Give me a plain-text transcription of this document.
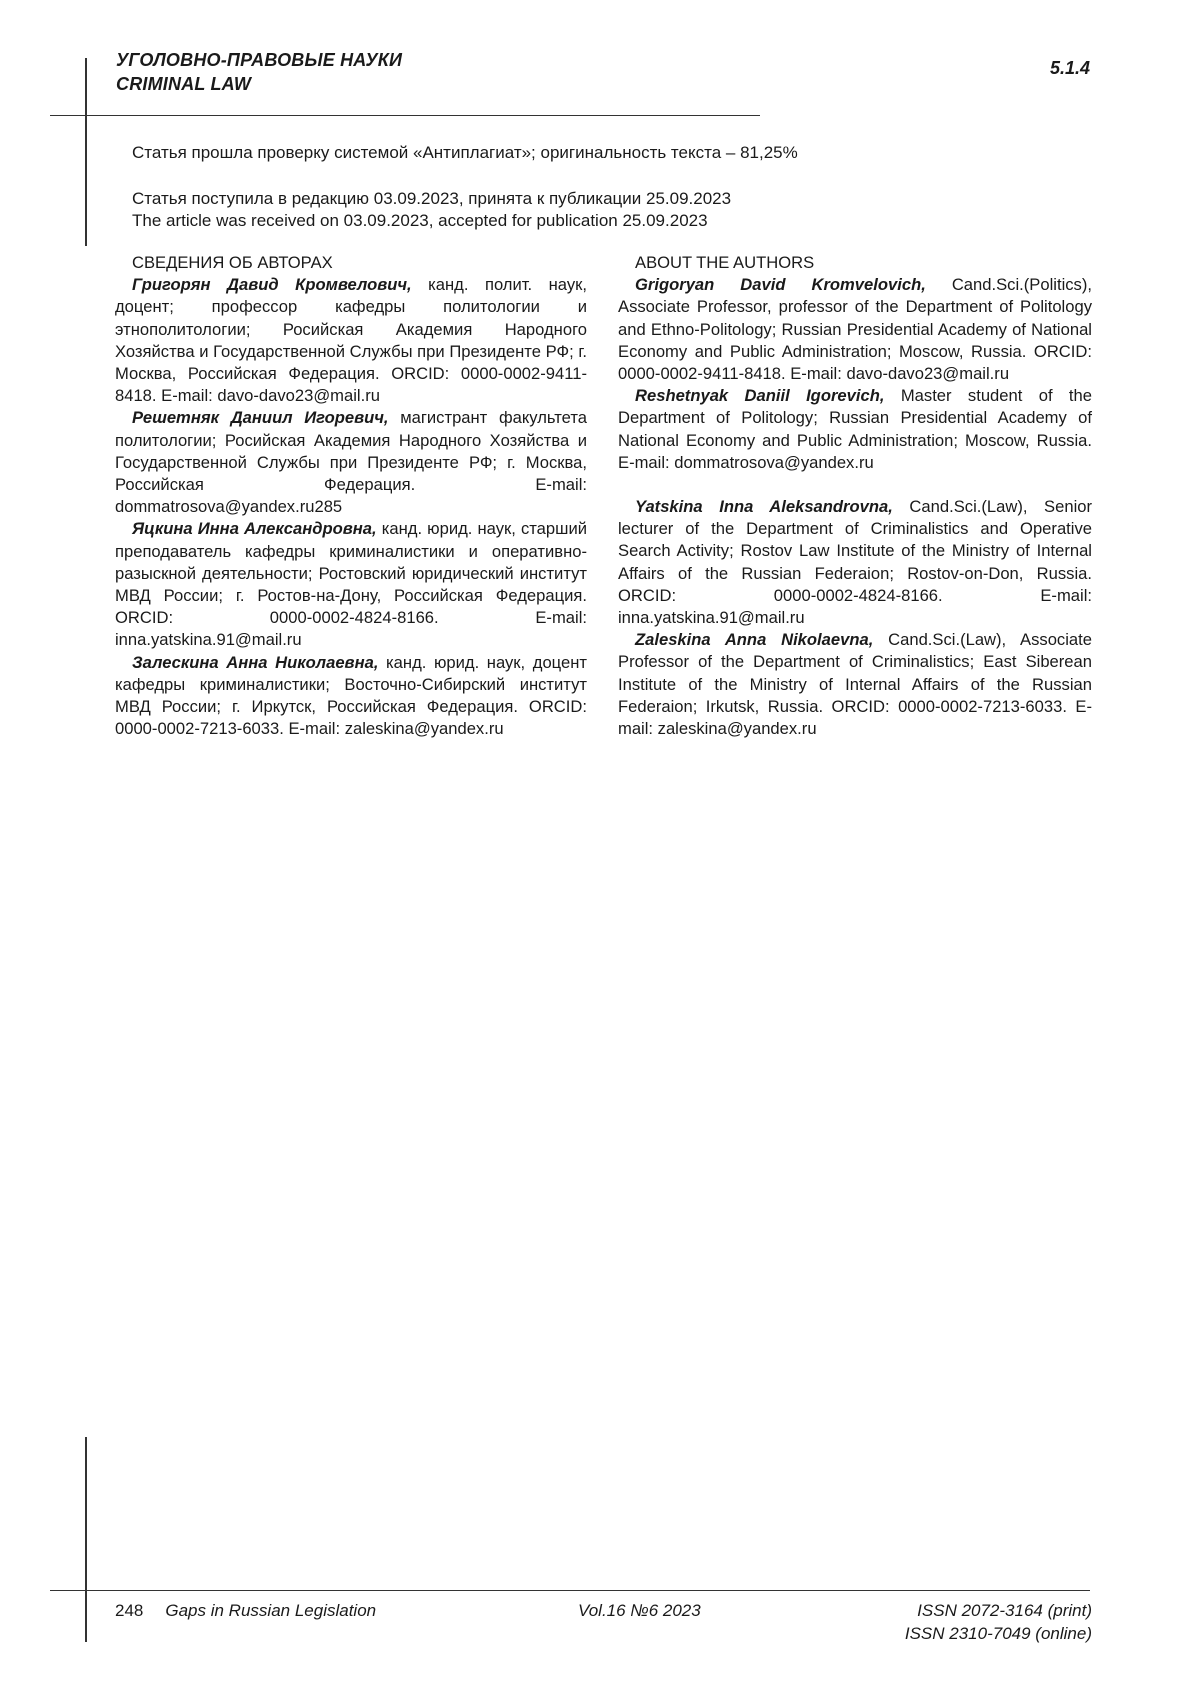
УГОЛОВНО-ПРАВОВЫЕ НАУКИ
CRIMINAL LAW
5.1.4
Статья прошла проверку системой «Антиплагиат»; оригинальность текста – 81,25%
Статья поступила в редакцию 03.09.2023, принята к публикации 25.09.2023
The article was received on 03.09.2023, accepted for publication 25.09.2023
СВЕДЕНИЯ ОБ АВТОРАХ

Григорян Давид Кромвелович, канд. полит. наук, доцент; профессор кафедры политологии и этнополитологии; Росийская Академия Народного Хозяйства и Государственной Службы при Президенте РФ; г. Москва, Российская Федерация. ORCID: 0000-0002-9411-8418. E-mail: davo-davo23@mail.ru

Решетняк Даниил Игоревич, магистрант факультета политологии; Росийская Академия Народного Хозяйства и Государственной Службы при Президенте РФ; г. Москва, Российская Федерация. E-mail: dommatrosova@yandex.ru285

Яцкина Инна Александровна, канд. юрид. наук, старший преподаватель кафедры криминалистики и оперативно-разыскной деятельности; Ростовский юридический институт МВД России; г. Ростов-на-Дону, Российская Федерация. ORCID: 0000-0002-4824-8166. E-mail: inna.yatskina.91@mail.ru

Залескина Анна Николаевна, канд. юрид. наук, доцент кафедры криминалистики; Восточно-Сибирский институт МВД России; г. Иркутск, Российская Федерация. ORCID: 0000-0002-7213-6033. E-mail: zaleskina@yandex.ru

ABOUT THE AUTHORS

Grigoryan David Kromvelovich, Cand.Sci.(Politics), Associate Professor, professor of the Department of Politology and Ethno-Politology; Russian Presidential Academy of National Economy and Public Administration; Moscow, Russia. ORCID: 0000-0002-9411-8418. E-mail: davo-davo23@mail.ru

Reshetnyak Daniil Igorevich, Master student of the Department of Politology; Russian Presidential Academy of National Economy and Public Administration; Moscow, Russia. E-mail: dommatrosova@yandex.ru

Yatskina Inna Aleksandrovna, Cand.Sci.(Law), Senior lecturer of the Department of Criminalistics and Operative Search Activity; Rostov Law Institute of the Ministry of Internal Affairs of the Russian Federaion; Rostov-on-Don, Russia. ORCID: 0000-0002-4824-8166. E-mail: inna.yatskina.91@mail.ru

Zaleskina Anna Nikolaevna, Cand.Sci.(Law), Associate Professor of the Department of Criminalistics; East Siberean Institute of the Ministry of Internal Affairs of the Russian Federaion; Irkutsk, Russia. ORCID: 0000-0002-7213-6033. E-mail: zaleskina@yandex.ru

248 Gaps in Russian Legislation	Vol.16 №6 2023	ISSN 2072-3164 (print)
ISSN 2310-7049 (online)
